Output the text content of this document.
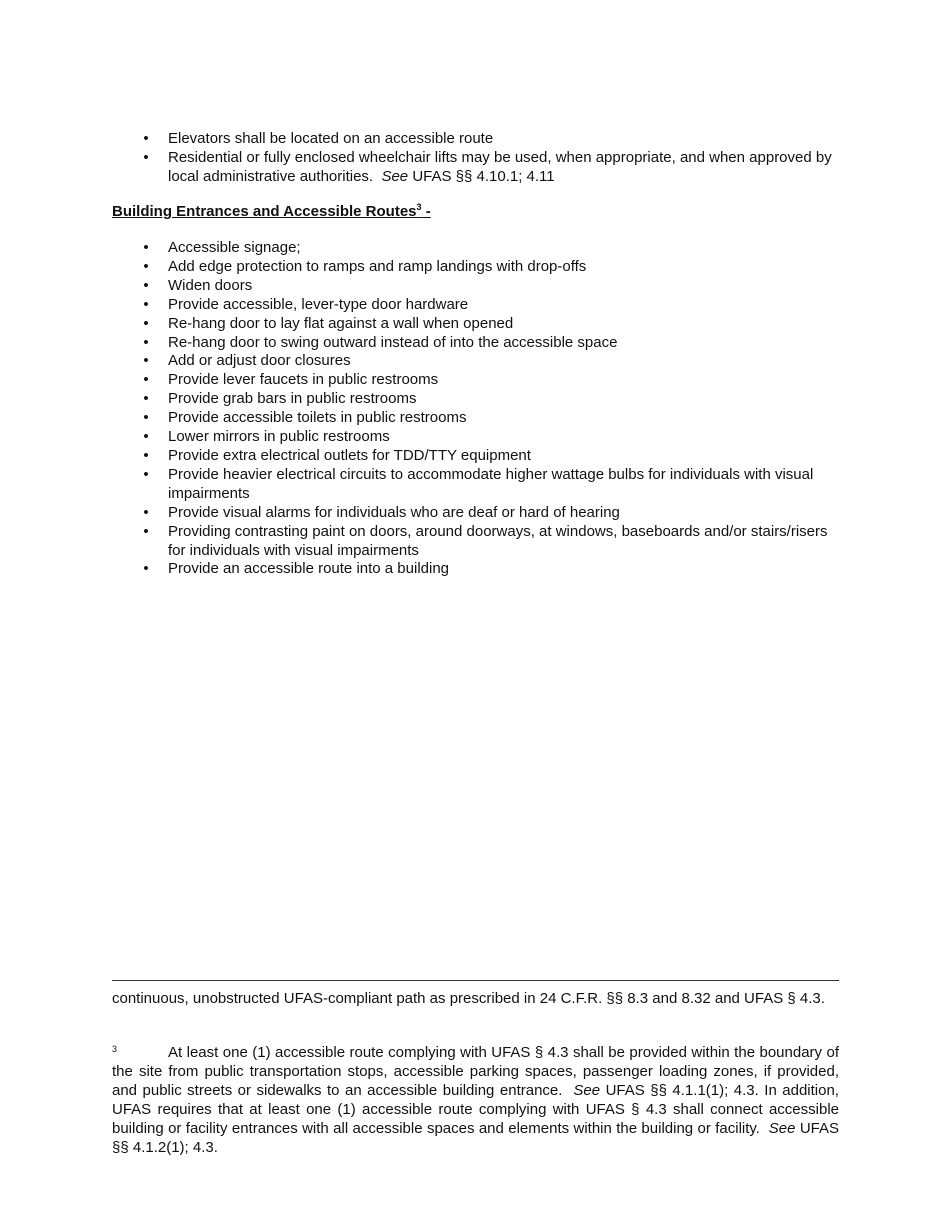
• Elevators shall be located on an accessible route
• Residential or fully enclosed wheelchair lifts may be used, when appropriate, and when approved by local administrative authorities. See UFAS §§ 4.10.1; 4.11
Building Entrances and Accessible Routes$^3$ -
• Accessible signage;
• Add edge protection to ramps and ramp landings with drop-offs
• Widen doors
• Provide accessible, lever-type door hardware
• Re-hang door to lay flat against a wall when opened
• Re-hang door to swing outward instead of into the accessible space
• Add or adjust door closures
• Provide lever faucets in public restrooms
• Provide grab bars in public restrooms
• Provide accessible toilets in public restrooms
• Lower mirrors in public restrooms
• Provide extra electrical outlets for TDD/TTY equipment
• Provide heavier electrical circuits to accommodate higher wattage bulbs for individuals with visual impairments
• Provide visual alarms for individuals who are deaf or hard of hearing
• Providing contrasting paint on doors, around doorways, at windows, baseboards and/or stairs/risers for individuals with visual impairments
• Provide an accessible route into a building

continuous, unobstructed UFAS-compliant path as prescribed in 24 C.F.R. §§ 8.3 and 8.32 and UFAS § 4.3.

3	At least one (1) accessible route complying with UFAS § 4.3 shall be provided within the boundary of the site from public transportation stops, accessible parking spaces, passenger loading zones, if provided, and public streets or sidewalks to an accessible building entrance. See UFAS §§ 4.1.1(1); 4.3. In addition, UFAS requires that at least one (1) accessible route complying with UFAS § 4.3 shall connect accessible building or facility entrances with all accessible spaces and elements within the building or facility. See UFAS §§ 4.1.2(1); 4.3.
